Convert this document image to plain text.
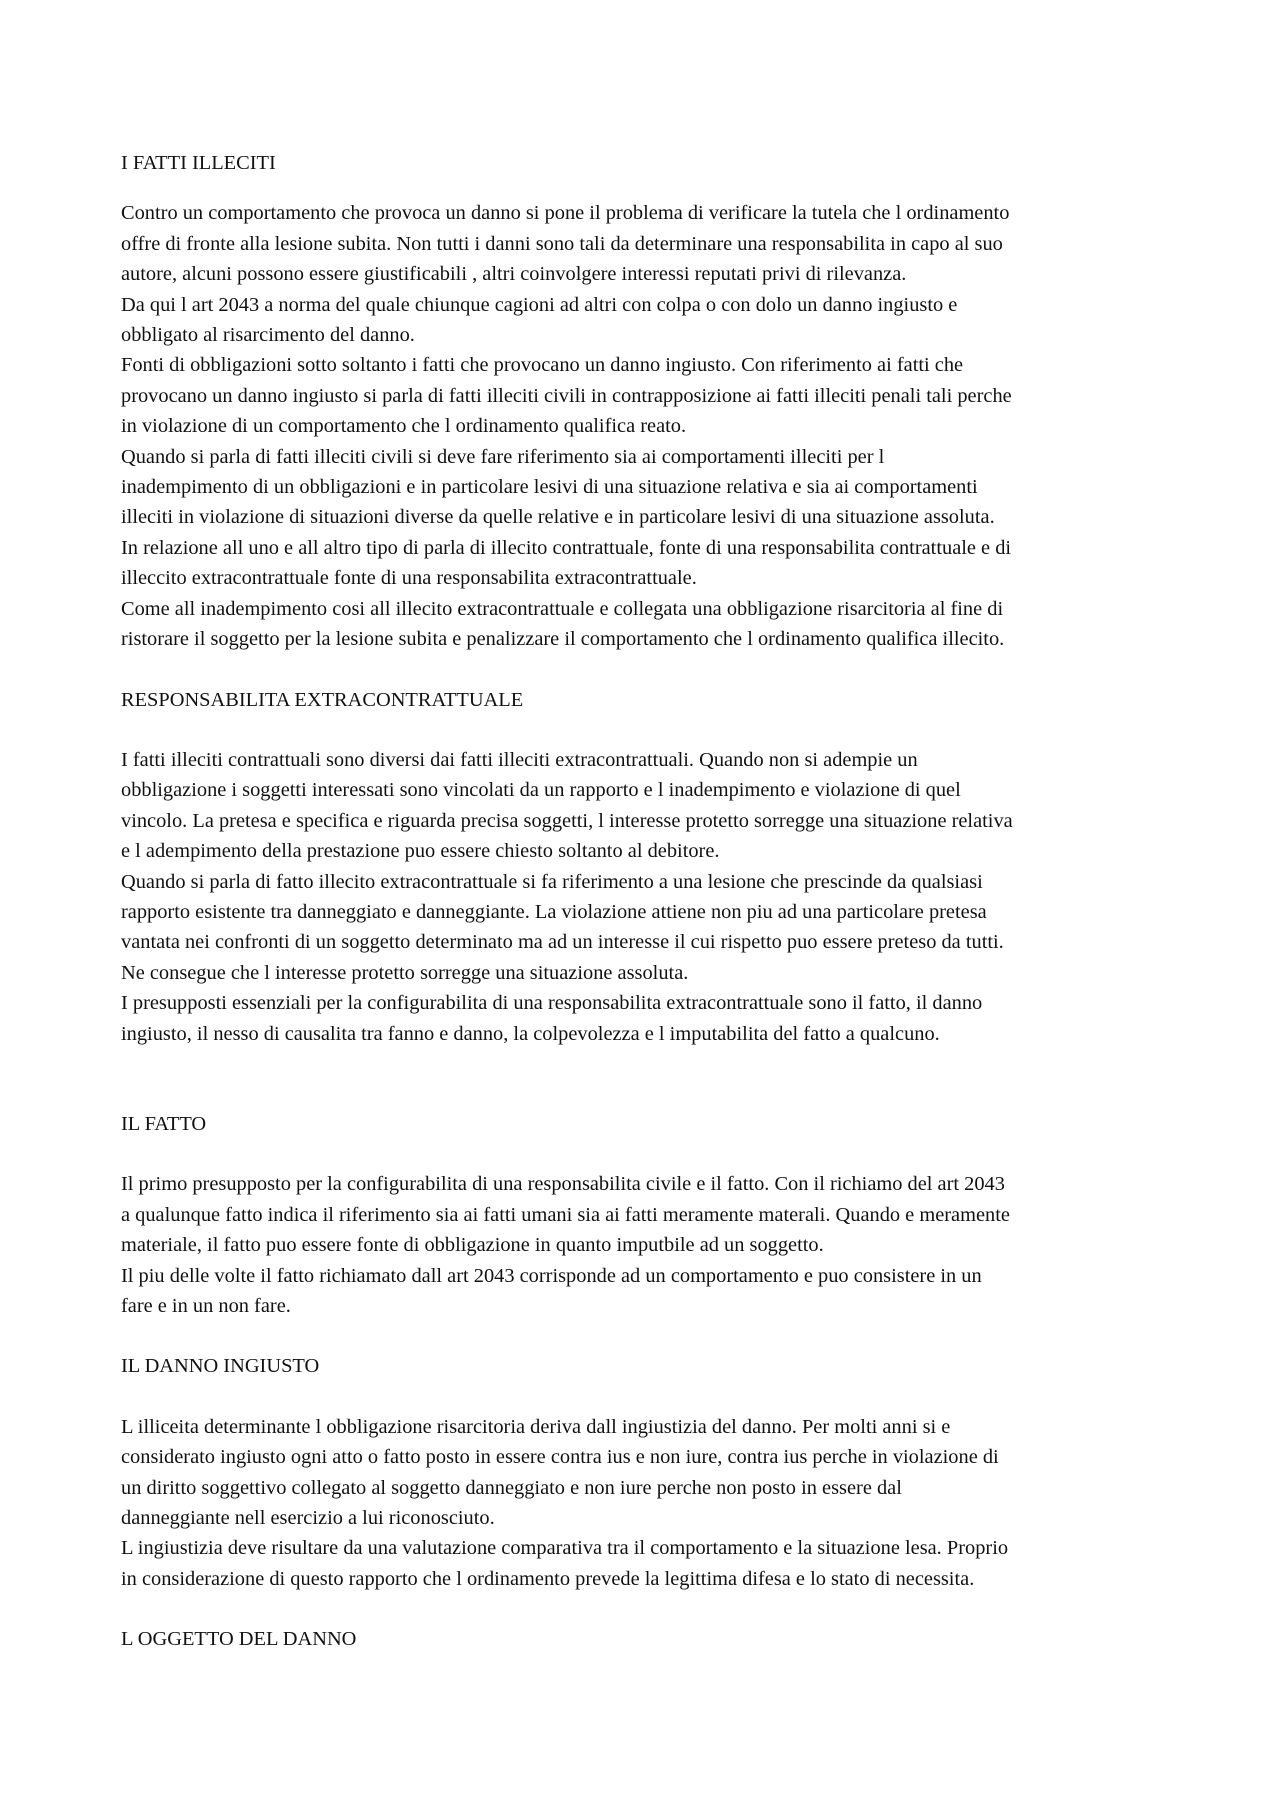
I FATTI ILLECITI

Contro un comportamento che provoca un danno si pone il problema di verificare la tutela che l ordinamento
offre di fronte alla lesione subita. Non tutti i danni sono tali da determinare una responsabilita in capo al suo
autore, alcuni possono essere giustificabili , altri coinvolgere interessi reputati privi di rilevanza.
Da qui l art 2043 a norma del quale chiunque cagioni ad altri con colpa o con dolo un danno ingiusto e
obbligato al risarcimento del danno.
Fonti di obbligazioni sotto soltanto i fatti che provocano un danno ingiusto. Con riferimento ai fatti che
provocano un danno ingiusto si parla di fatti illeciti civili in contrapposizione ai fatti illeciti penali tali perche
in violazione di un comportamento che l ordinamento qualifica reato.
Quando si parla di fatti illeciti civili si deve fare riferimento sia ai comportamenti illeciti per l
inadempimento di un obbligazioni e in particolare lesivi di una situazione relativa e sia ai comportamenti
illeciti in violazione di situazioni diverse da quelle relative e in particolare lesivi di una situazione assoluta.
In relazione all uno e all altro tipo di parla di illecito contrattuale, fonte di una responsabilita contrattuale e di
illeccito extracontrattuale fonte di una responsabilita extracontrattuale.
Come all inadempimento cosi all illecito extracontrattuale e collegata una obbligazione risarcitoria al fine di
ristorare il soggetto per la lesione subita e penalizzare il comportamento che l ordinamento qualifica illecito.

RESPONSABILITA EXTRACONTRATTUALE

I fatti illeciti contrattuali sono diversi dai fatti illeciti extracontrattuali. Quando non si adempie un
obbligazione i soggetti interessati sono vincolati da un rapporto e l inadempimento e violazione di quel
vincolo. La pretesa e specifica e riguarda precisa soggetti, l interesse protetto sorregge una situazione relativa
e l adempimento della prestazione puo essere chiesto soltanto al debitore.
Quando si parla di fatto illecito extracontrattuale si fa riferimento a una lesione che prescinde da qualsiasi
rapporto esistente tra danneggiato e danneggiante. La violazione attiene non piu ad una particolare pretesa
vantata nei confronti di un soggetto determinato ma ad un interesse il cui rispetto puo essere preteso da tutti.
Ne consegue che l interesse protetto sorregge una situazione assoluta.
I presupposti essenziali per la configurabilita di una responsabilita extracontrattuale sono il fatto, il danno
ingiusto, il nesso di causalita tra fanno e danno, la colpevolezza e l imputabilita del fatto a qualcuno.

IL FATTO

Il primo presupposto per la configurabilita di una responsabilita civile e il fatto. Con il richiamo del art 2043
a qualunque fatto indica il riferimento sia ai fatti umani sia ai fatti meramente materali. Quando e meramente
materiale, il fatto puo essere fonte di obbligazione in quanto imputbile ad un soggetto.
Il piu delle volte il fatto richiamato dall art 2043 corrisponde ad un comportamento e puo consistere in un
fare e in un non fare.

IL DANNO INGIUSTO

L illiceita determinante l obbligazione risarcitoria deriva dall ingiustizia del danno. Per molti anni si e
considerato ingiusto ogni atto o fatto posto in essere contra ius e non iure, contra ius perche in violazione di
un diritto soggettivo collegato al soggetto danneggiato e non iure perche non posto in essere dal
danneggiante nell esercizio a lui riconosciuto.
L ingiustizia deve risultare da una valutazione comparativa tra il comportamento e la situazione lesa. Proprio
in considerazione di questo rapporto che l ordinamento prevede la legittima difesa e lo stato di necessita.

L OGGETTO DEL DANNO
